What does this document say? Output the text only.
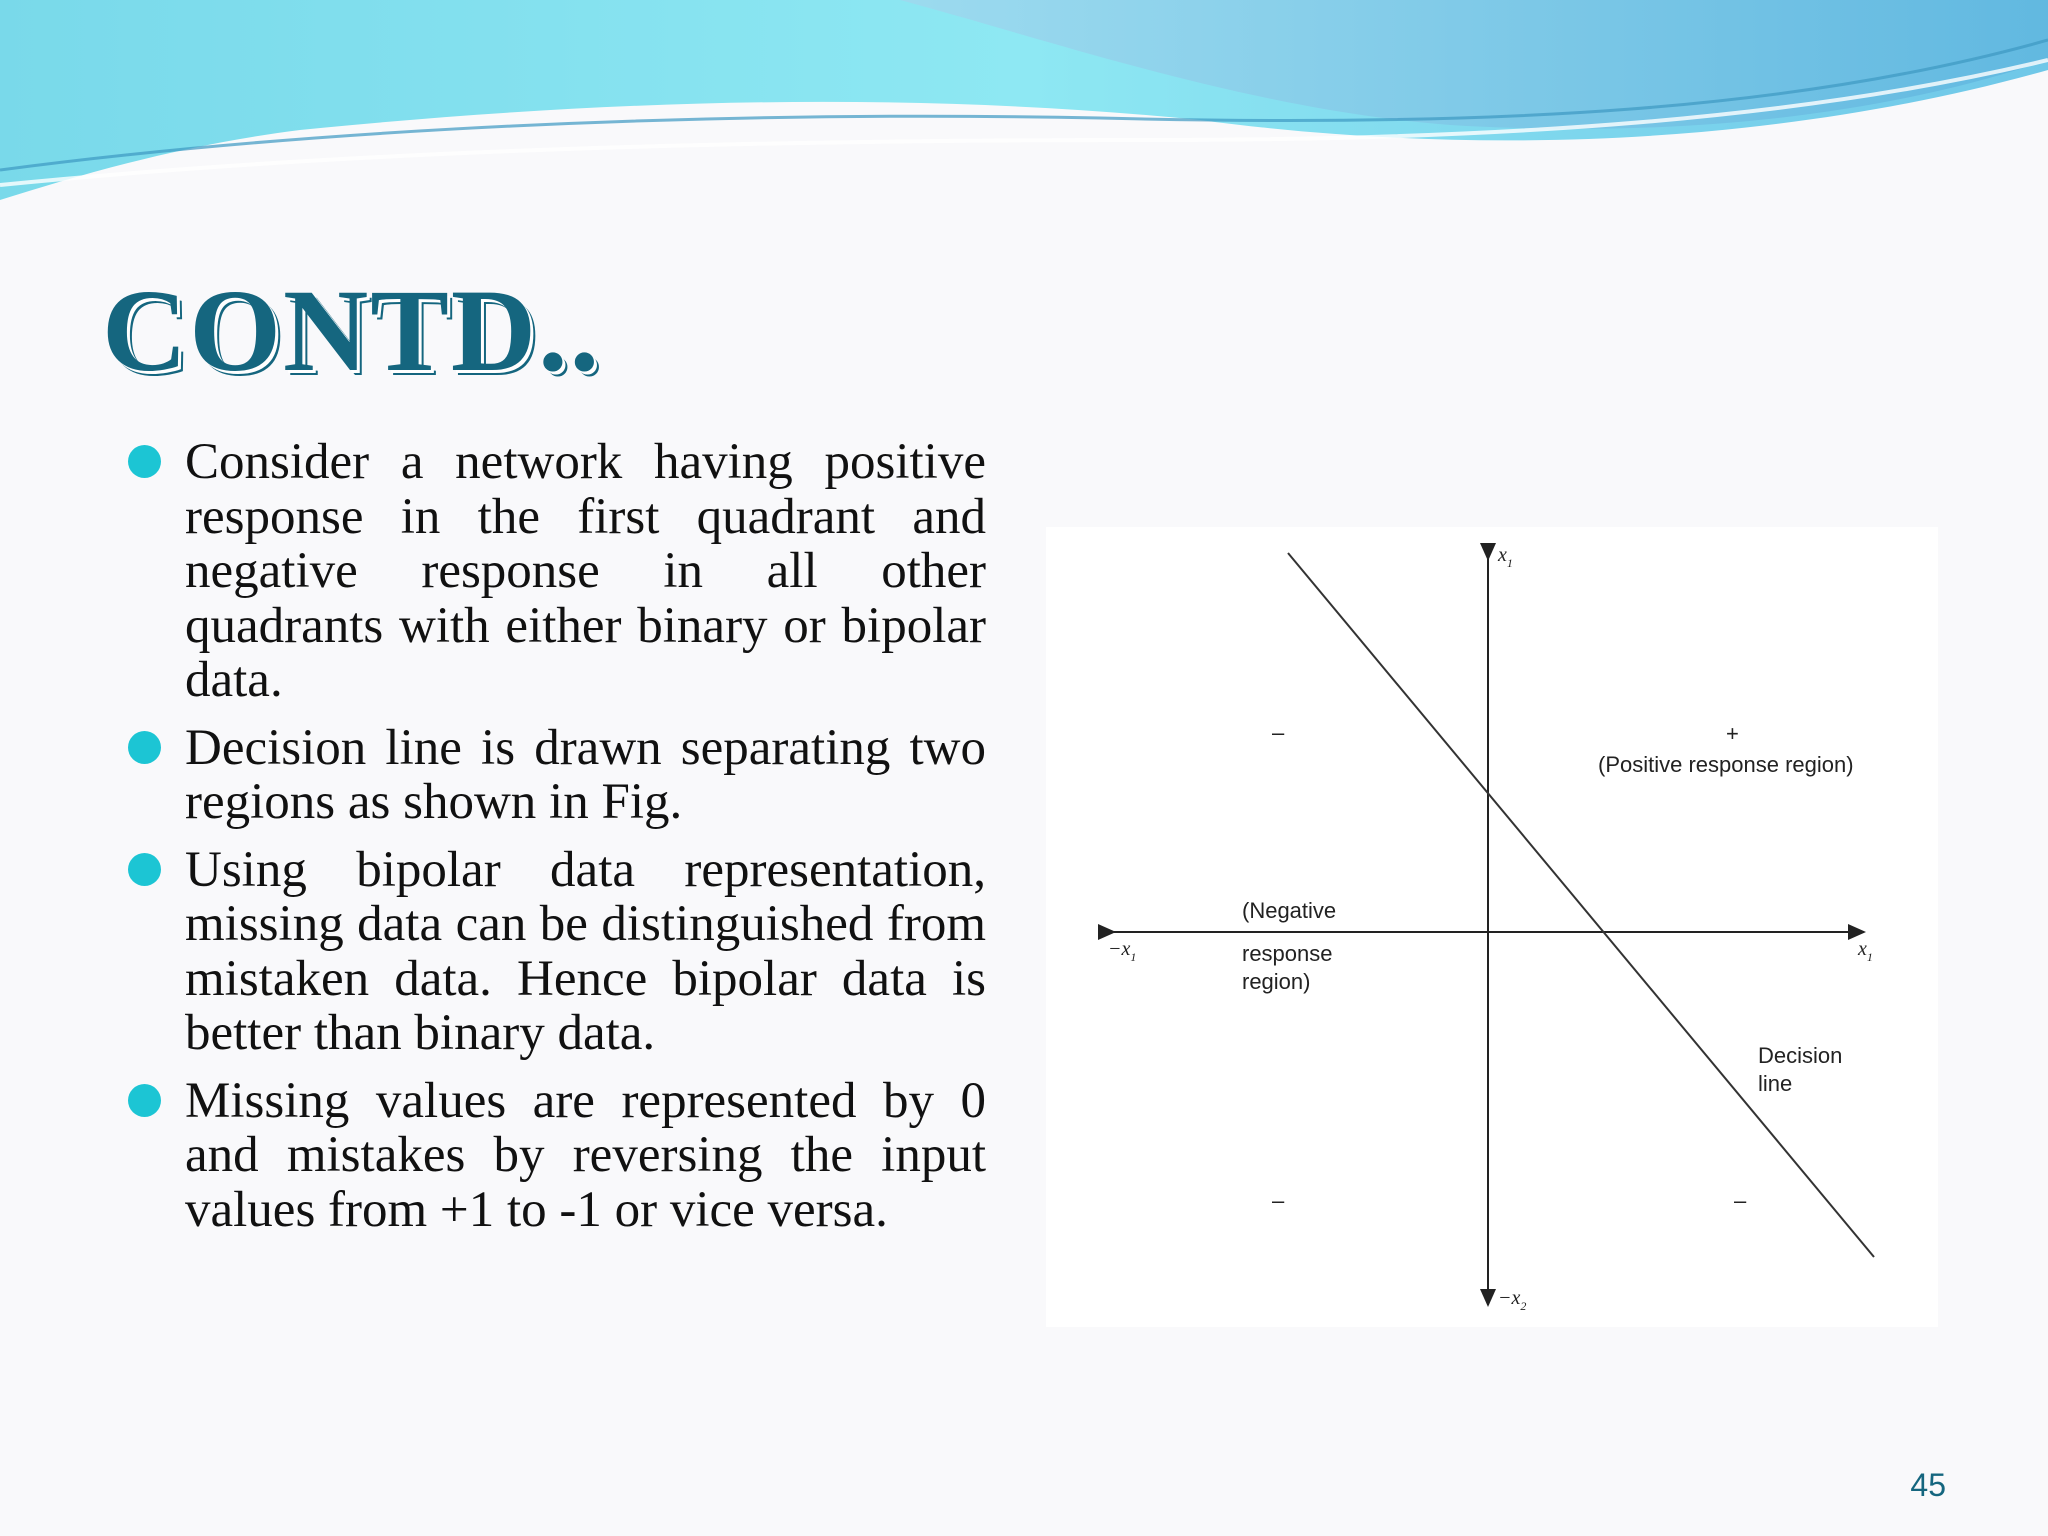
CONTD..
Consider a network having positive response in the first quadrant and negative response in all other quadrants with either binary or bipolar data.
Decision line is drawn separating two regions as shown in Fig.
Using bipolar data representation, missing data can be distinguished from mistaken data. Hence bipolar data is better than binary data.
Missing values are represented by 0 and mistakes by reversing the input values from +1 to -1 or vice versa.
$x_1$
$-x_2$
$-x_1$	$x_1$
+
(Positive response region)
(Negative
response
region)
Decision
line
–
–	–
45
